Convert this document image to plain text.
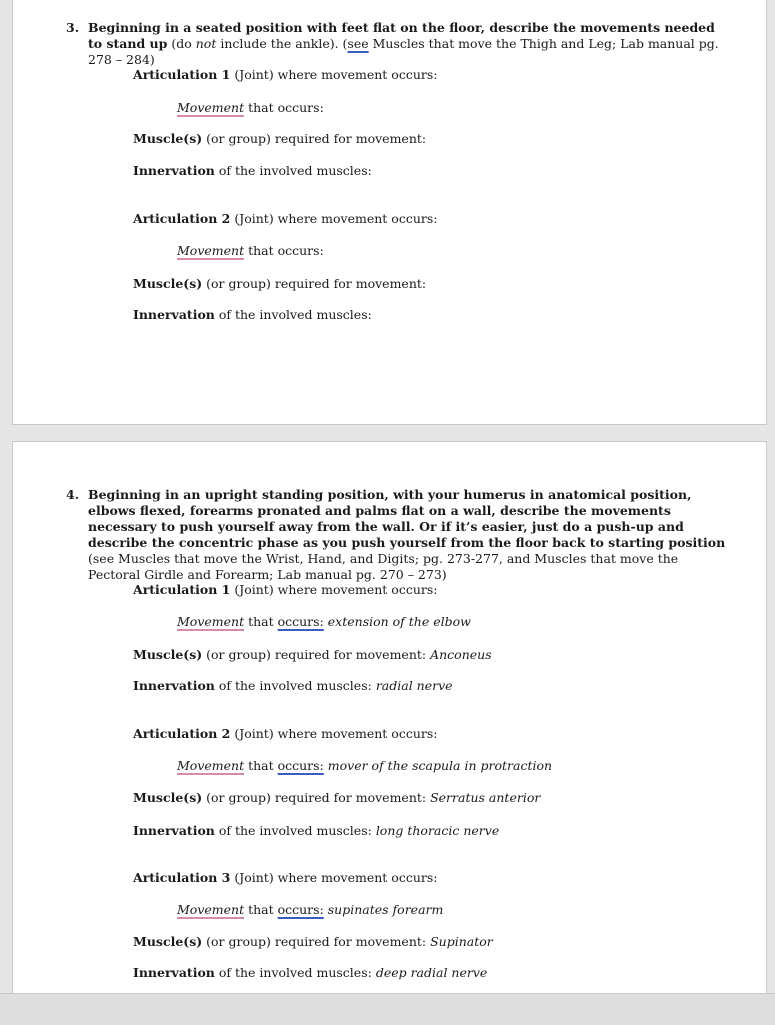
3. Beginning in a seated position with feet flat on the floor, describe the movements needed to stand up (do not include the ankle). (see Muscles that move the Thigh and Leg; Lab manual pg. 278 – 284)
Articulation 1 (Joint) where movement occurs:
Movement that occurs:
Muscle(s) (or group) required for movement:
Innervation of the involved muscles:
Articulation 2 (Joint) where movement occurs:
Movement that occurs:
Muscle(s) (or group) required for movement:
Innervation of the involved muscles:
4. Beginning in an upright standing position, with your humerus in anatomical position, elbows flexed, forearms pronated and palms flat on a wall, describe the movements necessary to push yourself away from the wall. Or if it’s easier, just do a push-up and describe the concentric phase as you push yourself from the floor back to starting position (see Muscles that move the Wrist, Hand, and Digits; pg. 273-277, and Muscles that move the Pectoral Girdle and Forearm; Lab manual pg. 270 – 273)
Articulation 1 (Joint) where movement occurs:
Movement that occurs: extension of the elbow
Muscle(s) (or group) required for movement: Anconeus
Innervation of the involved muscles: radial nerve
Articulation 2 (Joint) where movement occurs:
Movement that occurs: mover of the scapula in protraction
Muscle(s) (or group) required for movement: Serratus anterior
Innervation of the involved muscles: long thoracic nerve
Articulation 3 (Joint) where movement occurs:
Movement that occurs: supinates forearm
Muscle(s) (or group) required for movement: Supinator
Innervation of the involved muscles: deep radial nerve
